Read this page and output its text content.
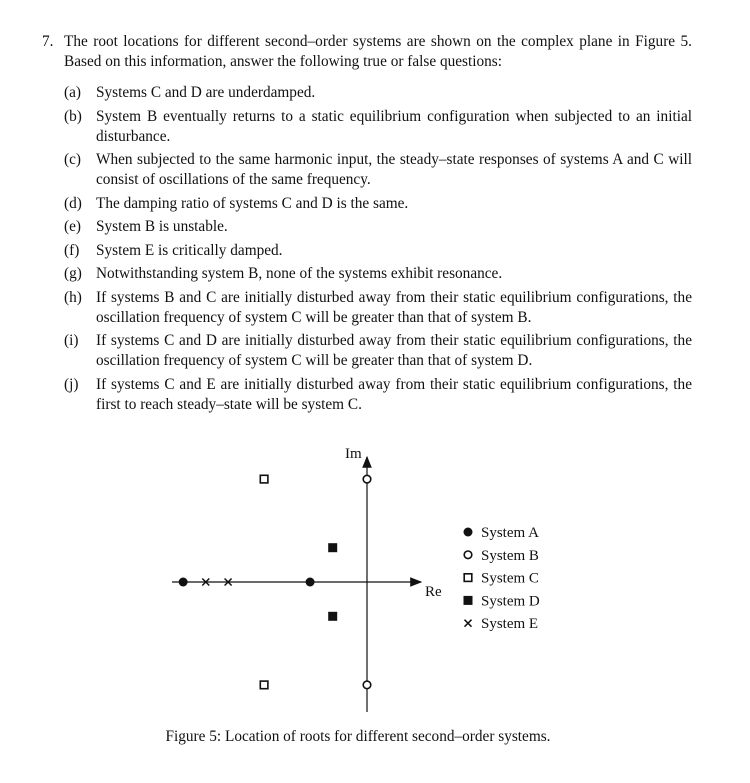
7. The root locations for different second–order systems are shown on the complex plane in Figure 5. Based on this information, answer the following true or false questions:
(a) Systems C and D are underdamped.
(b) System B eventually returns to a static equilibrium configuration when subjected to an initial disturbance.
(c) When subjected to the same harmonic input, the steady–state responses of systems A and C will consist of oscillations of the same frequency.
(d) The damping ratio of systems C and D is the same.
(e) System B is unstable.
(f)	System E is critically damped.
(g) Notwithstanding system B, none of the systems exhibit resonance.
(h) If systems B and C are initially disturbed away from their static equilibrium configurations, the oscillation frequency of system C will be greater than that of system B.
(i)	If systems C and D are initially disturbed away from their static equilibrium configurations, the oscillation frequency of system C will be greater than that of system D.
(j)	If systems C and E are initially disturbed away from their static equilibrium configurations, the first to reach steady–state will be system C.
Re
Im
System A
System B
System C
System D
System E
Figure 5: Location of roots for different second–order systems.
